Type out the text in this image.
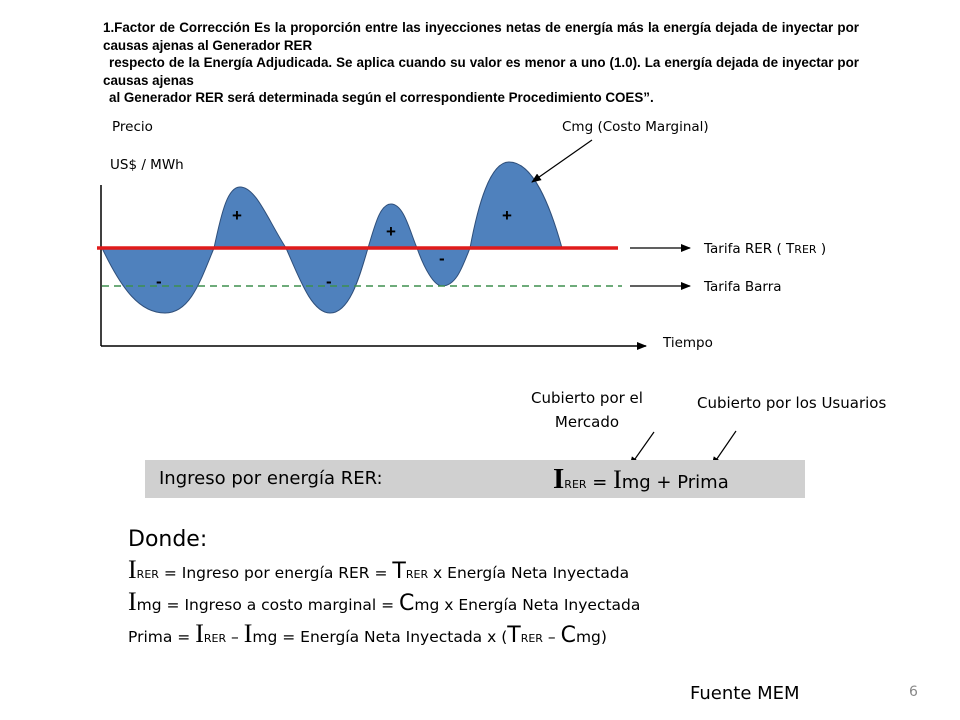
1.Factor de Corrección Es la proporción entre las inyecciones netas de energía más la energía dejada de inyectar por causas ajenas al Generador RER

respecto de la Energía Adjudicada. Se aplica cuando su valor es menor a uno (1.0). La energía dejada de inyectar por causas ajenas

al Generador RER será determinada según el correspondiente Procedimiento COES”.

Precio
US$ / MWh
Cmg (Costo Marginal)
Tarifa RER ( TRER )
Tarifa Barra
Tiempo
+
+
+
-	-
-
Cubierto por el Mercado
Cubierto por los Usuarios
Ingreso por energía RER:	IRER = Img + Prima
Donde:
IRER = Ingreso por energía RER = TRER x Energía Neta Inyectada
Img = Ingreso a costo marginal = Cmg x Energía Neta Inyectada
Prima = IRER – Img = Energía Neta Inyectada x (TRER – Cmg)
Fuente MEM	6
